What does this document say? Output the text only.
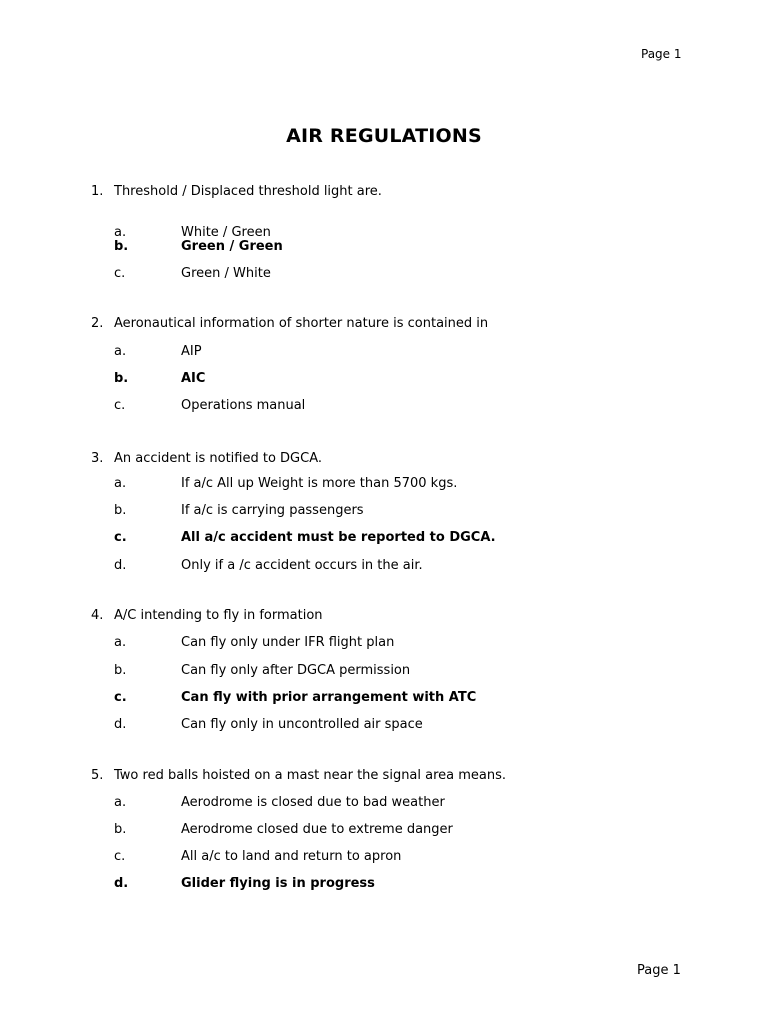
Page 1
AIR REGULATIONS
1. Threshold / Displaced threshold light are.
a.	White / Green
b.	Green / Green
c.	Green / White
2. Aeronautical information of shorter nature is contained in
a.	AIP
b.	AIC
c.	Operations manual
3. An accident is notified to DGCA.
a.	If a/c All up Weight is more than 5700 kgs.
b.	If a/c is carrying passengers
c.	All a/c accident must be reported to DGCA.
d.	Only if a /c accident occurs in the air.
4. A/C intending to fly in formation
a.	Can fly only under IFR flight plan
b.	Can fly only after DGCA permission
c.	Can fly with prior arrangement with ATC
d.	Can fly only in uncontrolled air space
5. Two red balls hoisted on a mast near the signal area means.
a.	Aerodrome is closed due to bad weather
b.	Aerodrome closed due to extreme danger
c.	All a/c to land and return to apron
d.	Glider flying is in progress
Page 1
